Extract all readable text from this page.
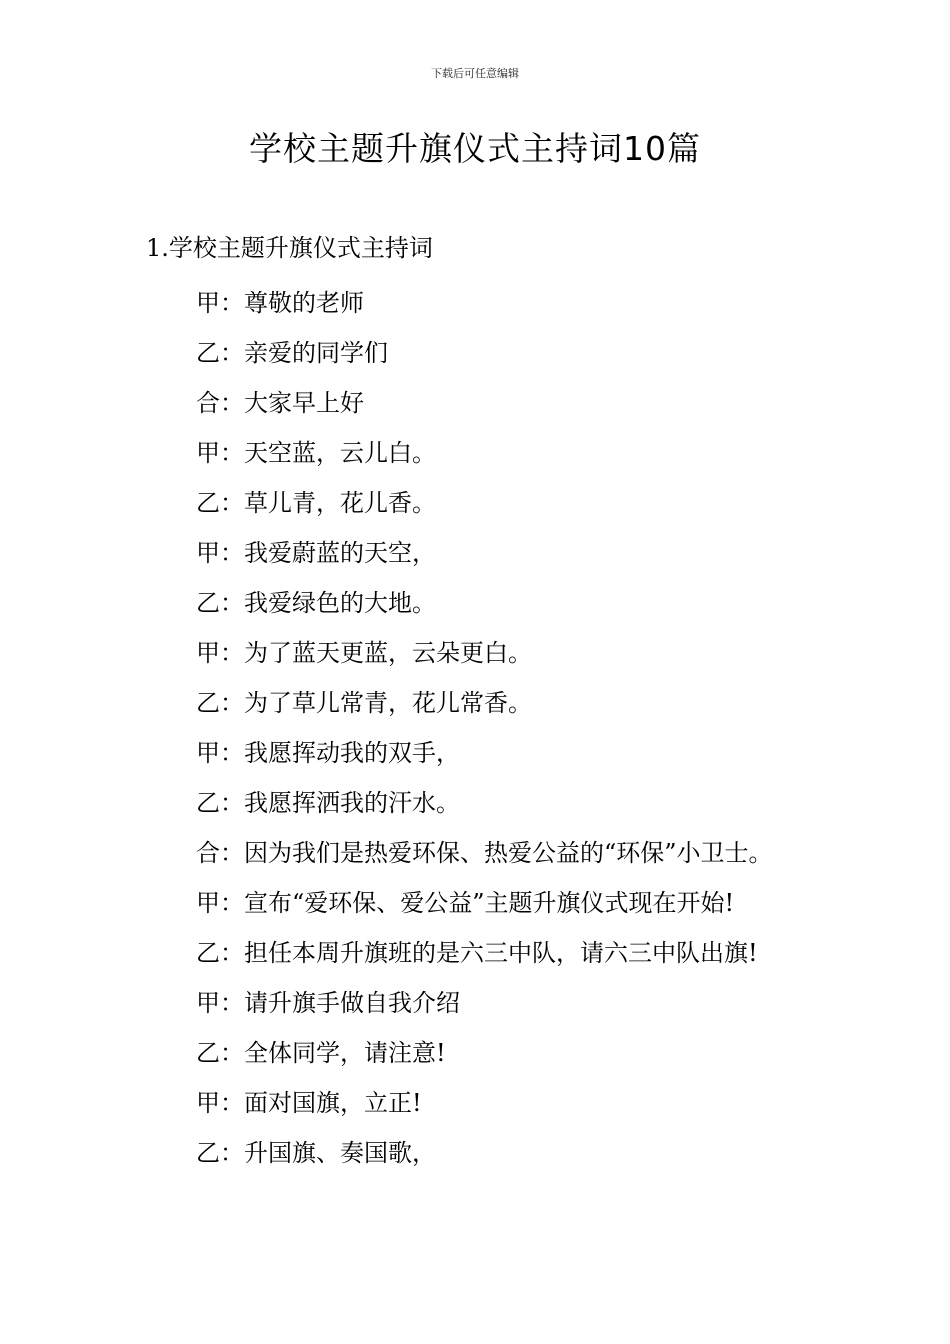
下载后可任意编辑
学校主题升旗仪式主持词10篇
1.学校主题升旗仪式主持词
甲：尊敬的老师
乙：亲爱的同学们
合：大家早上好
甲：天空蓝，云儿白。
乙：草儿青，花儿香。
甲：我爱蔚蓝的天空，
乙：我爱绿色的大地。
甲：为了蓝天更蓝，云朵更白。
乙：为了草儿常青，花儿常香。
甲：我愿挥动我的双手，
乙：我愿挥洒我的汗水。
合：因为我们是热爱环保、热爱公益的“环保”小卫士。
甲：宣布“爱环保、爱公益”主题升旗仪式现在开始!
乙：担任本周升旗班的是六三中队，请六三中队出旗!
甲：请升旗手做自我介绍
乙：全体同学，请注意!
甲：面对国旗，立正!
乙：升国旗、奏国歌，
